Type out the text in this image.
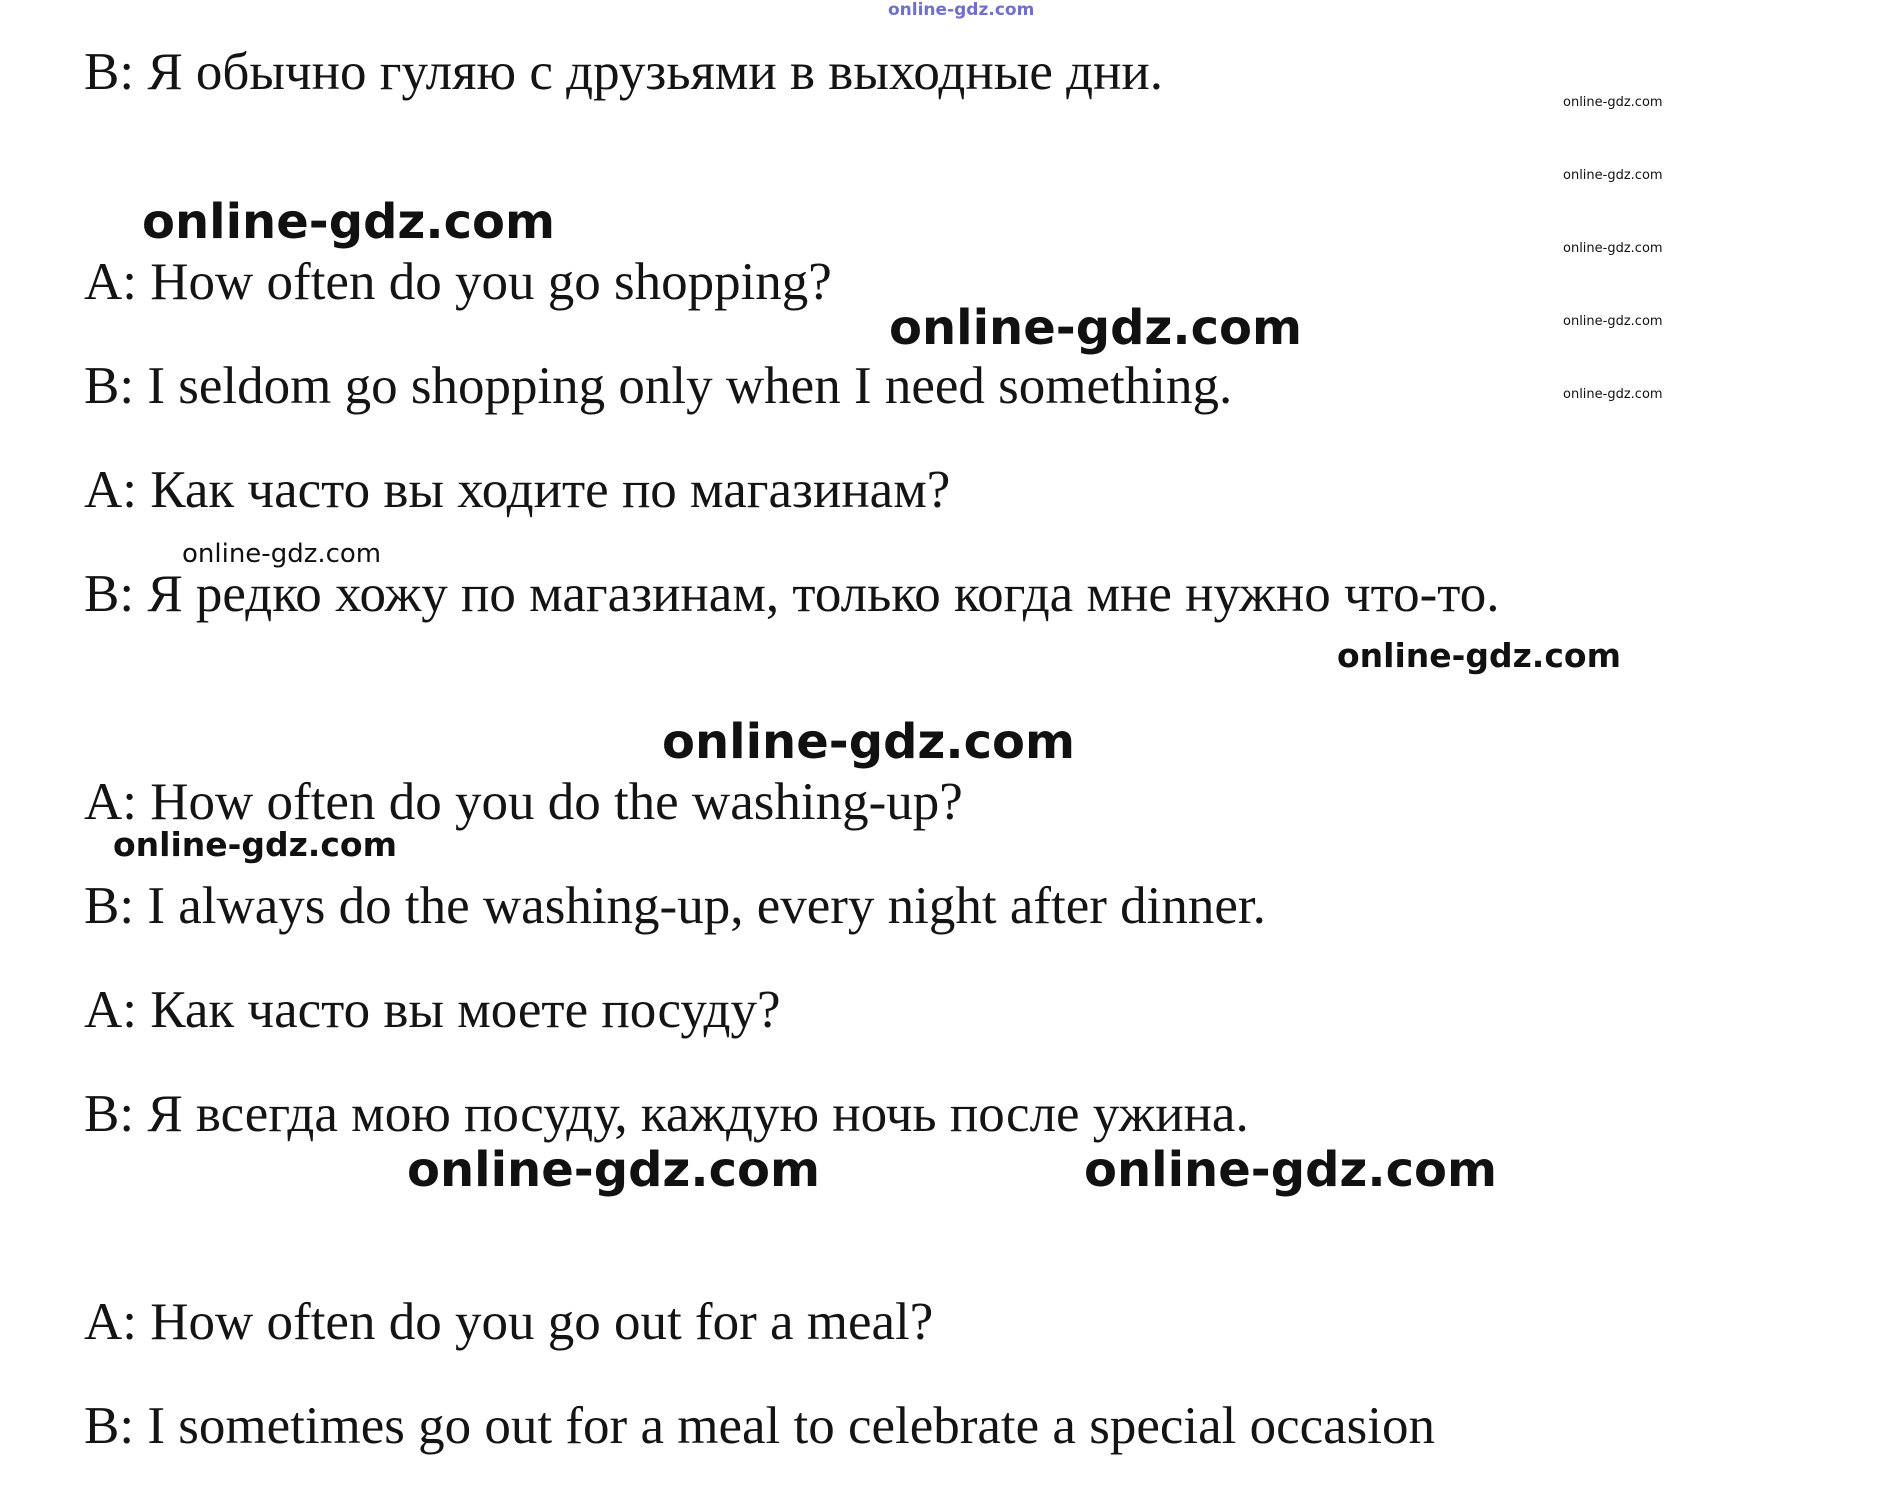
online-gdz.com

B: Я обычно гуляю с друзьями в выходные дни.

A: How often do you go shopping?

B: I seldom go shopping only when I need something.

A: Как часто вы ходите по магазинам?

B: Я редко хожу по магазинам, только когда мне нужно что-то.

A: How often do you do the washing-up?

B: I always do the washing-up, every night after dinner.

A: Как часто вы моете посуду?

B: Я всегда мою посуду, каждую ночь после ужина.

A: How often do you go out for a meal?

B: I sometimes go out for a meal to celebrate a special occasion

online-gdz.com
online-gdz.com
online-gdz.com
online-gdz.com	online-gdz.com
online-gdz.com
online-gdz.com
online-gdz.com
online-gdz.com
online-gdz.com
online-gdz.com
online-gdz.com
online-gdz.com
